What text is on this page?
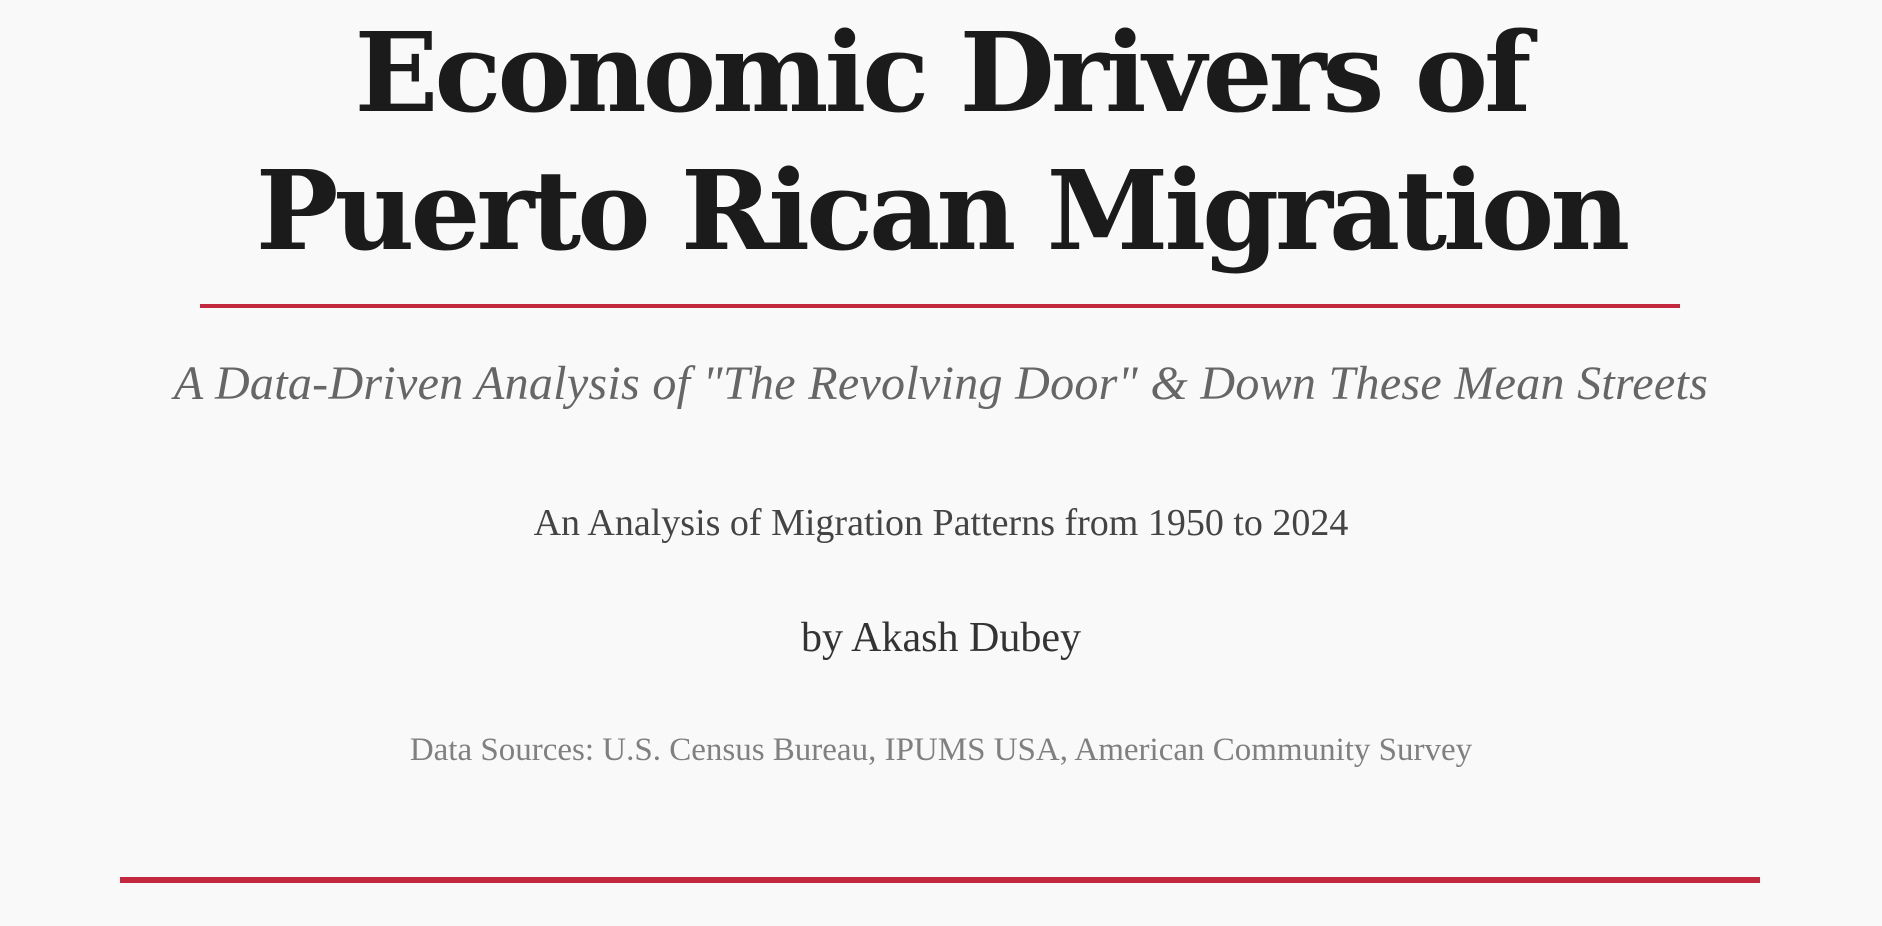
Economic Drivers of Puerto Rican Migration

A Data-Driven Analysis of "The Revolving Door" & Down These Mean Streets

An Analysis of Migration Patterns from 1950 to 2024

by Akash Dubey

Data Sources: U.S. Census Bureau, IPUMS USA, American Community Survey
